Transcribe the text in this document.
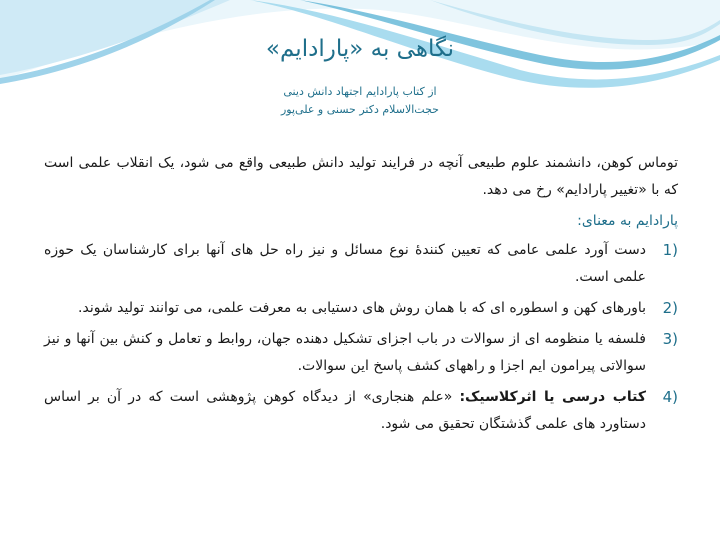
نگاهی به «پارادایم»
از کتاب پارادایم اجتهاد دانش دینی
حجت‌الاسلام دکتر حسنی و علی‌پور

توماس کوهن، دانشمند علوم طبیعی آنچه در فرایند تولید دانش طبیعی واقع می شود، یک انقلاب علمی است که با «تغییر پارادایم» رخ می دهد.

پارادایم به معنای:
1)
دست آورد علمی عامی که تعیین کنندۀ نوع مسائل و نیز راه حل های آنها برای کارشناسان یک حوزه علمی است.
2)
باورهای کهن و اسطوره ای که با همان روش های دستیابی به معرفت علمی، می توانند تولید شوند.
3)
فلسفه یا منظومه ای از سوالات در باب اجزای تشکیل دهنده جهان، روابط و تعامل و کنش بین آنها و نیز سوالاتی پیرامون ایم اجزا و راههای کشف پاسخ این سوالات.
4)
کتاب درسی یا اثرکلاسیک: «علم هنجاری» از دیدگاه کوهن پژوهشی است که در آن بر اساس دستاورد های علمی گذشتگان تحقیق می شود.
